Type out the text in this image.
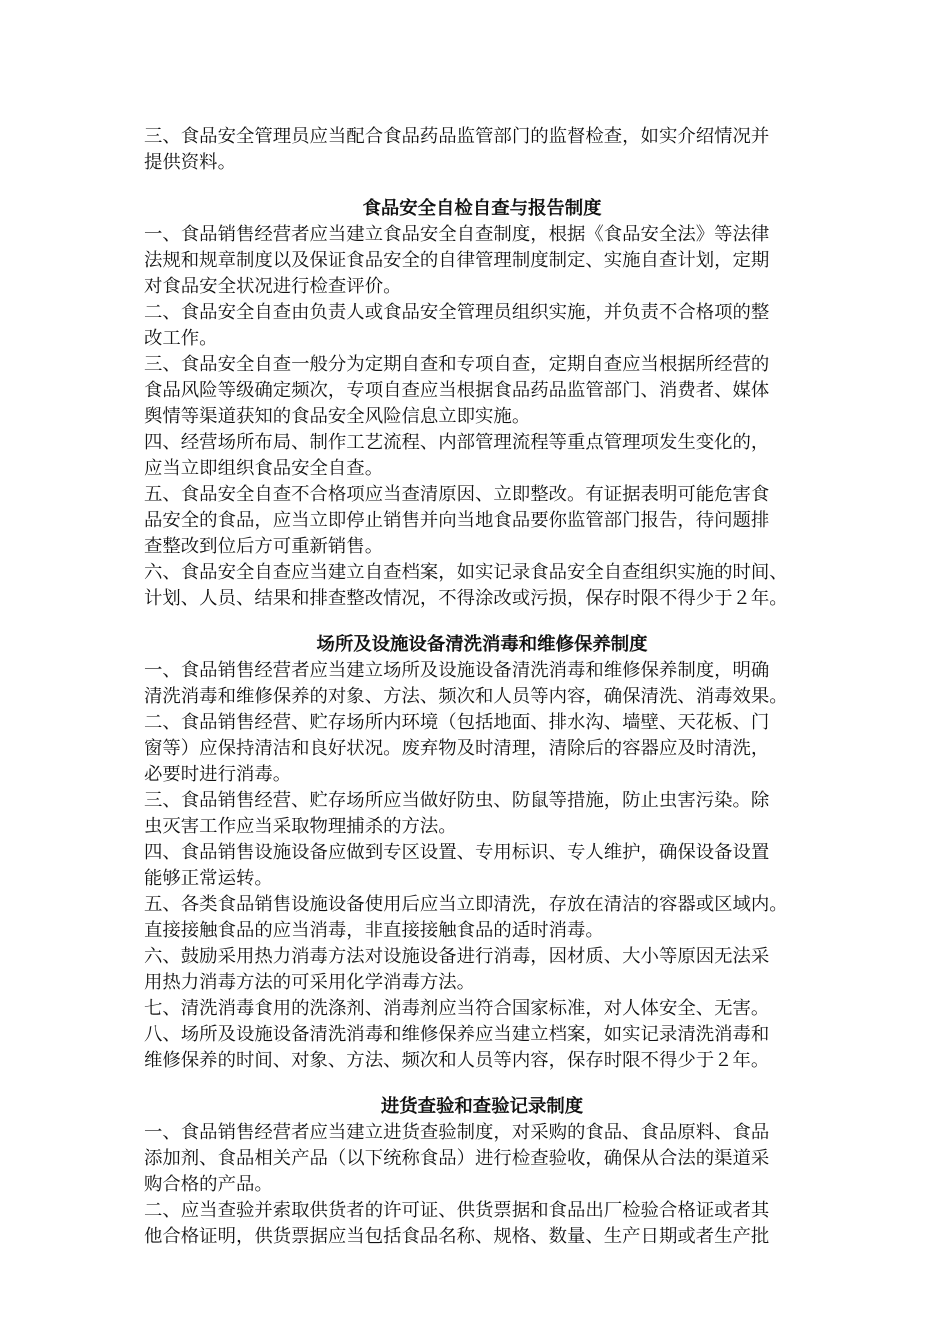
三、食品安全管理员应当配合食品药品监管部门的监督检查，如实介绍情况并
提供资料。

食品安全自检自查与报告制度

一、食品销售经营者应当建立食品安全自查制度，根据《食品安全法》等法律
法规和规章制度以及保证食品安全的自律管理制度制定、实施自查计划，定期
对食品安全状况进行检查评价。

二、食品安全自查由负责人或食品安全管理员组织实施，并负责不合格项的整
改工作。

三、食品安全自查一般分为定期自查和专项自查，定期自查应当根据所经营的
食品风险等级确定频次，专项自查应当根据食品药品监管部门、消费者、媒体
舆情等渠道获知的食品安全风险信息立即实施。

四、经营场所布局、制作工艺流程、内部管理流程等重点管理项发生变化的，
应当立即组织食品安全自查。

五、食品安全自查不合格项应当查清原因、立即整改。有证据表明可能危害食
品安全的食品，应当立即停止销售并向当地食品要你监管部门报告，待问题排
查整改到位后方可重新销售。

六、食品安全自查应当建立自查档案，如实记录食品安全自查组织实施的时间、
计划、人员、结果和排查整改情况，不得涂改或污损，保存时限不得少于２年。

场所及设施设备清洗消毒和维修保养制度

一、食品销售经营者应当建立场所及设施设备清洗消毒和维修保养制度，明确
清洗消毒和维修保养的对象、方法、频次和人员等内容，确保清洗、消毒效果。

二、食品销售经营、贮存场所内环境（包括地面、排水沟、墙壁、天花板、门
窗等）应保持清洁和良好状况。废弃物及时清理，清除后的容器应及时清洗，
必要时进行消毒。

三、食品销售经营、贮存场所应当做好防虫、防鼠等措施，防止虫害污染。除
虫灭害工作应当采取物理捕杀的方法。

四、食品销售设施设备应做到专区设置、专用标识、专人维护，确保设备设置
能够正常运转。

五、各类食品销售设施设备使用后应当立即清洗，存放在清洁的容器或区域内。
直接接触食品的应当消毒，非直接接触食品的适时消毒。

六、鼓励采用热力消毒方法对设施设备进行消毒，因材质、大小等原因无法采
用热力消毒方法的可采用化学消毒方法。

七、清洗消毒食用的洗涤剂、消毒剂应当符合国家标准，对人体安全、无害。

八、场所及设施设备清洗消毒和维修保养应当建立档案，如实记录清洗消毒和
维修保养的时间、对象、方法、频次和人员等内容，保存时限不得少于２年。

进货查验和查验记录制度

一、食品销售经营者应当建立进货查验制度，对采购的食品、食品原料、食品
添加剂、食品相关产品（以下统称食品）进行检查验收，确保从合法的渠道采
购合格的产品。

二、应当查验并索取供货者的许可证、供货票据和食品出厂检验合格证或者其
他合格证明，供货票据应当包括食品名称、规格、数量、生产日期或者生产批
